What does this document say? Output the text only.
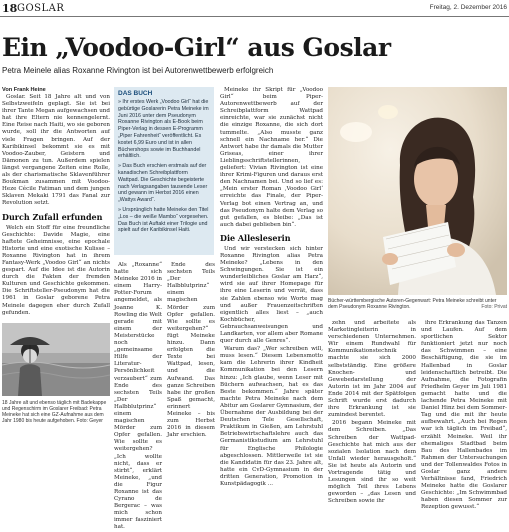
18 GOSLAR	Freitag, 2. Dezember 2016
Ein „Voodoo-Girl“ aus Goslar
Petra Meinele alias Roxanne Rivington ist bei Autorenwettbewerb erfolgreich

Von Frank Heine

Goslar. Seit 18 Jahre alt und von Selbstzweifeln geplagt. Sie ist bei ihrer Tante Megan aufgewachsen und hat ihre Eltern nie kennengelernt. Eine Reise nach Haiti, wo sie geboren wurde, soll ihr die Antworten auf viele Fragen bringen. Auf der Karibikinsel bekommt sie es mit Voodoo-Zauber, Geistern und Dämonen zu tun. Außerdem spielen längst vergangene Zeiten eine Rolle, als der charismatische Sklavenführer Boukman zusammen mit Voodoo-Heze Cécile Fatiman und dem jungen Sklaven Mekaki 1791 das Fanal zur Revolution setzt.

Durch Zufall erfunden

Welch ein Stoff für eine freundliche Geschichte: Davide Magie, eine haftete Geheimnisse, eine epochale Historie und eine exotische Kulisse – Roxanne Rivington hat in ihrem Fantasy-Werk „Voodoo Girl“ an nichts gespart. Auf die Idee ist die Autorin durch die Fakten der fremden Kulturen und Geschichte gekommen. Die Schriftsteller-Pseudonym hat die 1961 in Goslar geborene Petra Meinele dagegen eher durch Zufall gefunden.

DAS BUCH

» Ihr erstes Werk „Voodoo Girl“ hat die gebürtige Goslarerin Petra Meineke im Juni 2016 unter dem Pseudonym Roxanne Rivington als E-Book beim Piper-Verlag in dessen E-Programm „Piper Fahrenheit“ veröffentlicht. Es kostet 6,99 Euro und ist in allen Büchershops sowie im Buchhandel erhältlich.

» Das Buch erschien erstmals auf der kanadischen Schreibplattform Wattpad. Die Geschichte begeisterte nach Verlagsangaben tausende Leser und gewann im Herbst 2016 einen „Wattys Award“.

» Ursprünglich hatte Meineke den Titel „Los – die weiße Mambo“ vorgesehen. Das Buch ist Auftakt einer Trilogie und spielt auf der Karibikinsel Haiti.

Als „Roxanne“ hatte sich Meineke 2016 in einem Harry-Potter-Forum angemeldet, als Joanne K. Rowling die Welt gerade mit einem der Meisterstücke noch „gemeinsame Hilfe der Literatur-Persönlichkeit verzaubert“ zum Ende des sechsten Teils „Der Halbblutprinz“ einem magischen Mörder zum Opfer gefallen. Wie sollte es weitergehen? „Ich wollte nicht, dass er stirbt“, erklärt Meineke, „und die Figur Roxanne ist das Cyrano de Bergerac – was mich schon immer fasziniert hat.

Ende des sechsten Teils „Der Halbblutprinz“ einem magischen Mörder zum Opfer gefallen. Wie sollte es weitergehen?“ fügt Meineke hinzu. Dann erfolgten die Texte bei Wattpad, lesen, und die Aufwand. Das ganze Schreiben habe ihr großen Spaß gemacht, erinnert Meineke – bis zum Herbst 2016 in diesem Jahr erschien.

Meineke ihr Skript für „Voodoo Girl“ beim Piper-Autorenwettbewerb auf der Schreibplattform Wattpad einreichte, war sie zunächst nicht die einzige Roxanne, die sich dort tummelte. „Also musste ganz schnell ein Nachname her.“ Die Antwort habe ihr damals die Mutter Griseas, einer ihrer Lieblingsschriftstellerinnen, geliefert: Vivian Rivington ist eine ihrer Krimi-Figuren und daraus erst den Nachnamen bei. Und so lief es: „Mein erster Roman ‚Voodoo Girl‘ erreichte das Finale, der Piper-Verlag bot einen Vertrag an, und das Pseudonym halte dem Verlag so gut gefallen, es bleibe: „Das ist auch dabei geblieben bin“.

Die Allesleserin

Und wir verstecken sich hinter Roxanne Rivington alias Petra Meineke? „Lebens in den Schwingungen. Sie ist ein wunderleibliches Goslar am Harz“, wird sie auf ihrer Homepage für ihre eine Leserin und verrät, dass sie Zahlen ebenso wie Worte mag und außer Frauenzeitschriften eigentlich alles liest – „auch Kochbücher, Gebrauchsanweisungen und Landkarten, vor allem aber Romane quer durch alle Genres“.

Warum das? „Wer schreiben will, muss lesen.“ Diesem Lebensmotto kam die Lehrerin ihrer Kindheit Kommunikation bei den Lesern hinzu: „Ich glaube, wenn Leser mit Büchern aufwachsen, hat es das Beste bekommen.“ Jahre später machte Petra Meineke nach dem Abitur am Goslarer Gymnasium, der Übernahme der Ausbildung bei der Deutschen Tele Gesellschaft, Praktikum in Gießen, am Lehrstuhl Betriebswirtschaftslehre auch das Germanistikstudium am Lehrstuhl für Englische Philologie abgeschlossen. Mittlerweile ist sie die Kandidatin für das 23. Jahre alt, hatte ein CvD-Gymnasium in der dritten Generation, Promotion in Kunstpädagogik ...

Bücher-württembergische Autoren-Gegenwart: Petra Meineke schreibt unter dem Pseudonym Roxanne Rivington.	Foto: Privat

zehn und arbeitete als Marketingleiterin in verschiedenen Unternehmen. Wir einem Rundwahl für Kommunikationstechnik machte sie sich 2000 selbstständig. Eine größere Knochen- und Gewebedarstellung der Autorin ist im Jahr 2004 auf Ende 2014 mit der Spätfolgen Schrift wurde erst dadurch ihre Erkrankung ist sie zumindest berentet.

2016 begann Meineke mit dem Schreiben. „Das Schreiben der Wattpad-Geschichte hat mich aus der sozialen Isolation nach dem Unfall wieder herausgeholt.“ Sie ist heute als Autorin und Vortragende tätig und Lesungen sind ihr so weit möglich Teil ihres Lebens geworden – „das Lesen und Schreiben sowie ihr

ihre Erkrankung das Tanzen und Laufen. Auf dem sportlichen Sektor funktioniert jetzt nur noch das Schwimmen – eine Beschäftigung, die sie im Hallenbad in Goslar leidenschaftlich betreibt. Die Aufnahme, die Fotografin Friedhelm Geyer im Juli 1981 gemacht hatte und die lachende Petra Meineke mit Daniel Hinz bei dem Sommer-Tag und die mit ihr heute aufbewahrt. „Auch bei Regen war ich täglich im Freibad“, erzählt Meineke. Weil ihr ehemaliges Stadtbad beim Bau des Hallenbades im Rahmen der Untersuchungen und der Tollenwaldes Fotos in Goslar ganz andere Verhältnisse fand, Friedrich Meineke hatte die Goslarer Geschichte: „Im Schwimmbad haben diesen Sommer zur Rezeption gewusst.“

18 Jahre alt und ebenso täglich mit Badekappe und Regenschirm im Goslarer Freibad: Petra Meineke hat sich eine GZ-Aufnahme aus dem Jahr 1980 bis heute aufgehoben. Foto: Geyer
